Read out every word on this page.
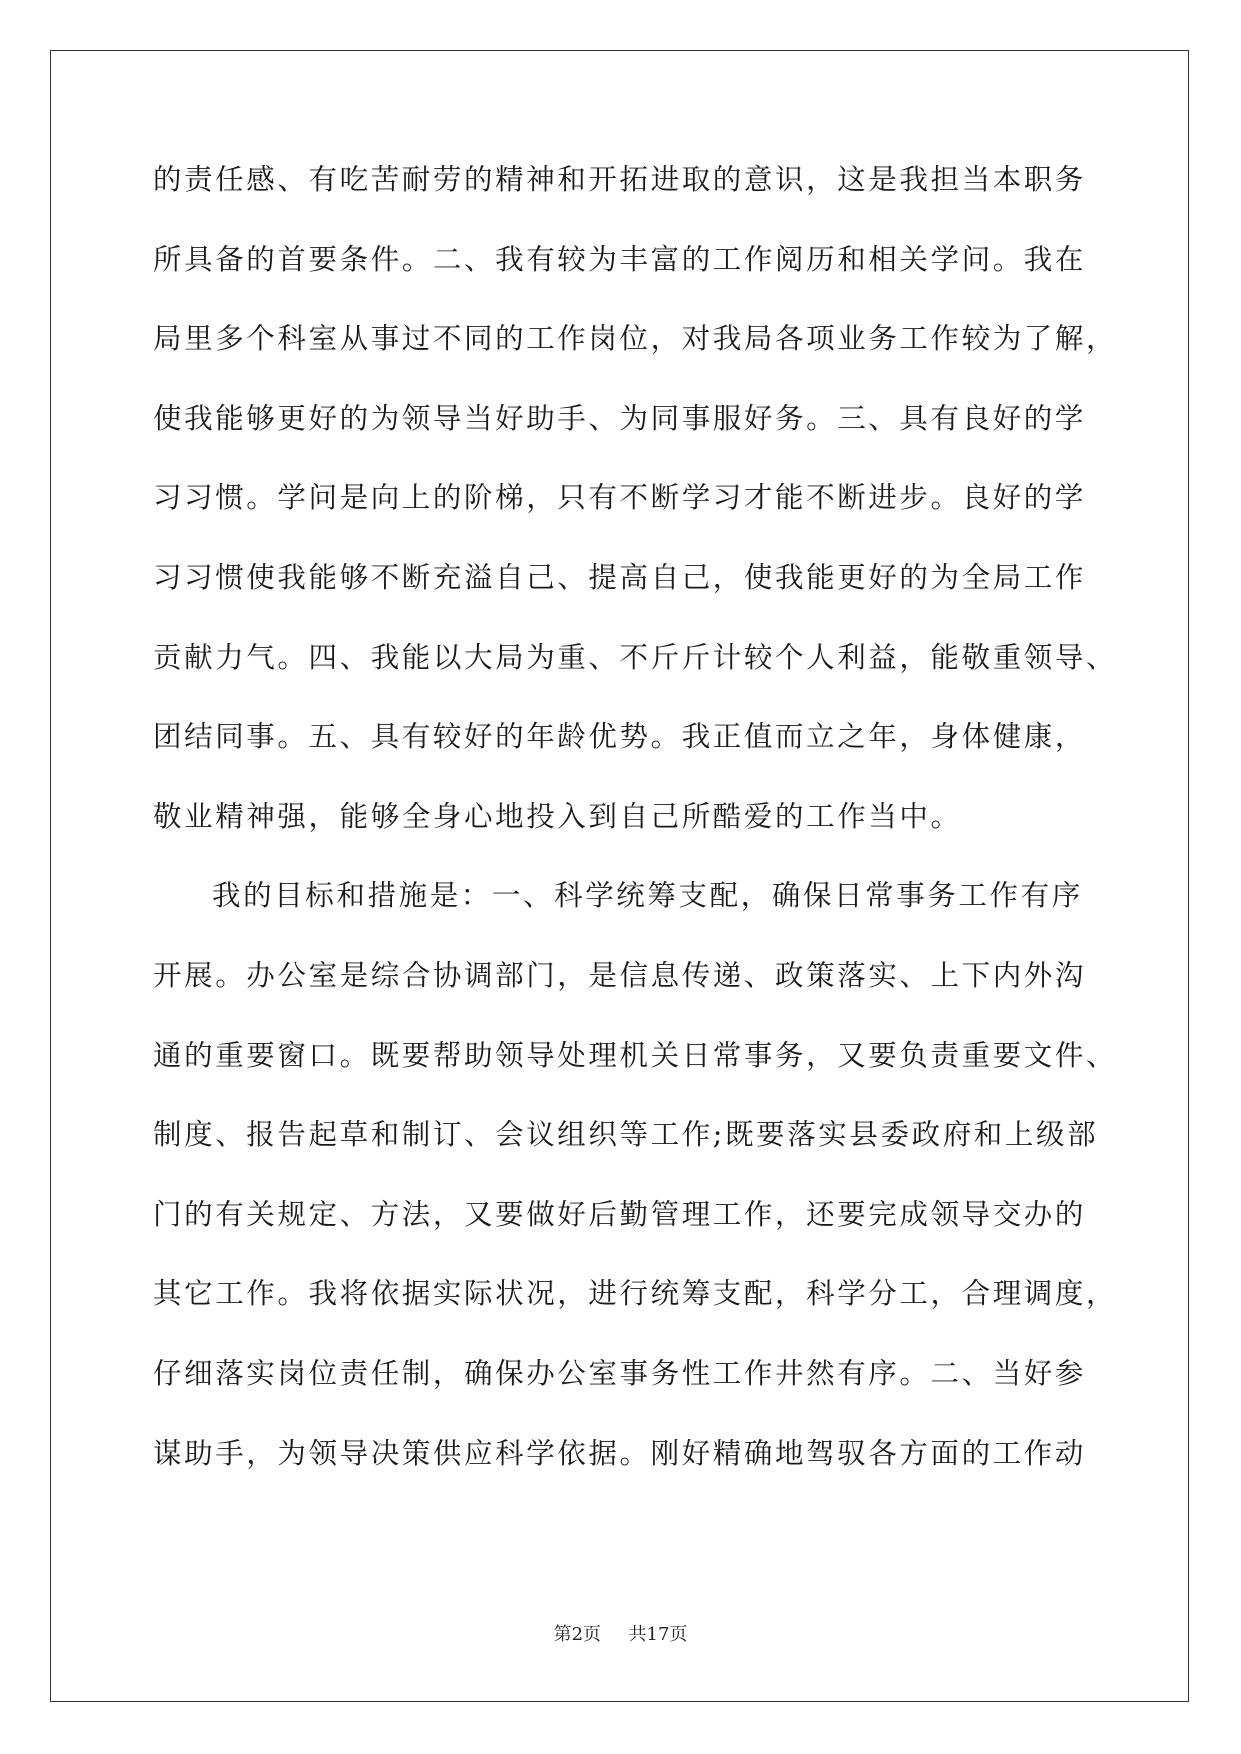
的责任感、有吃苦耐劳的精神和开拓进取的意识，这是我担当本职务
所具备的首要条件。二、我有较为丰富的工作阅历和相关学问。我在
局里多个科室从事过不同的工作岗位，对我局各项业务工作较为了解，
使我能够更好的为领导当好助手、为同事服好务。三、具有良好的学
习习惯。学问是向上的阶梯，只有不断学习才能不断进步。良好的学
习习惯使我能够不断充溢自己、提高自己，使我能更好的为全局工作
贡献力气。四、我能以大局为重、不斤斤计较个人利益，能敬重领导、
团结同事。五、具有较好的年龄优势。我正值而立之年，身体健康，
敬业精神强，能够全身心地投入到自己所酷爱的工作当中。
我的目标和措施是：一、科学统筹支配，确保日常事务工作有序
开展。办公室是综合协调部门，是信息传递、政策落实、上下内外沟
通的重要窗口。既要帮助领导处理机关日常事务，又要负责重要文件、
制度、报告起草和制订、会议组织等工作;既要落实县委政府和上级部
门的有关规定、方法，又要做好后勤管理工作，还要完成领导交办的
其它工作。我将依据实际状况，进行统筹支配，科学分工，合理调度，
仔细落实岗位责任制，确保办公室事务性工作井然有序。二、当好参
谋助手，为领导决策供应科学依据。刚好精确地驾驭各方面的工作动
第2页 共17页
